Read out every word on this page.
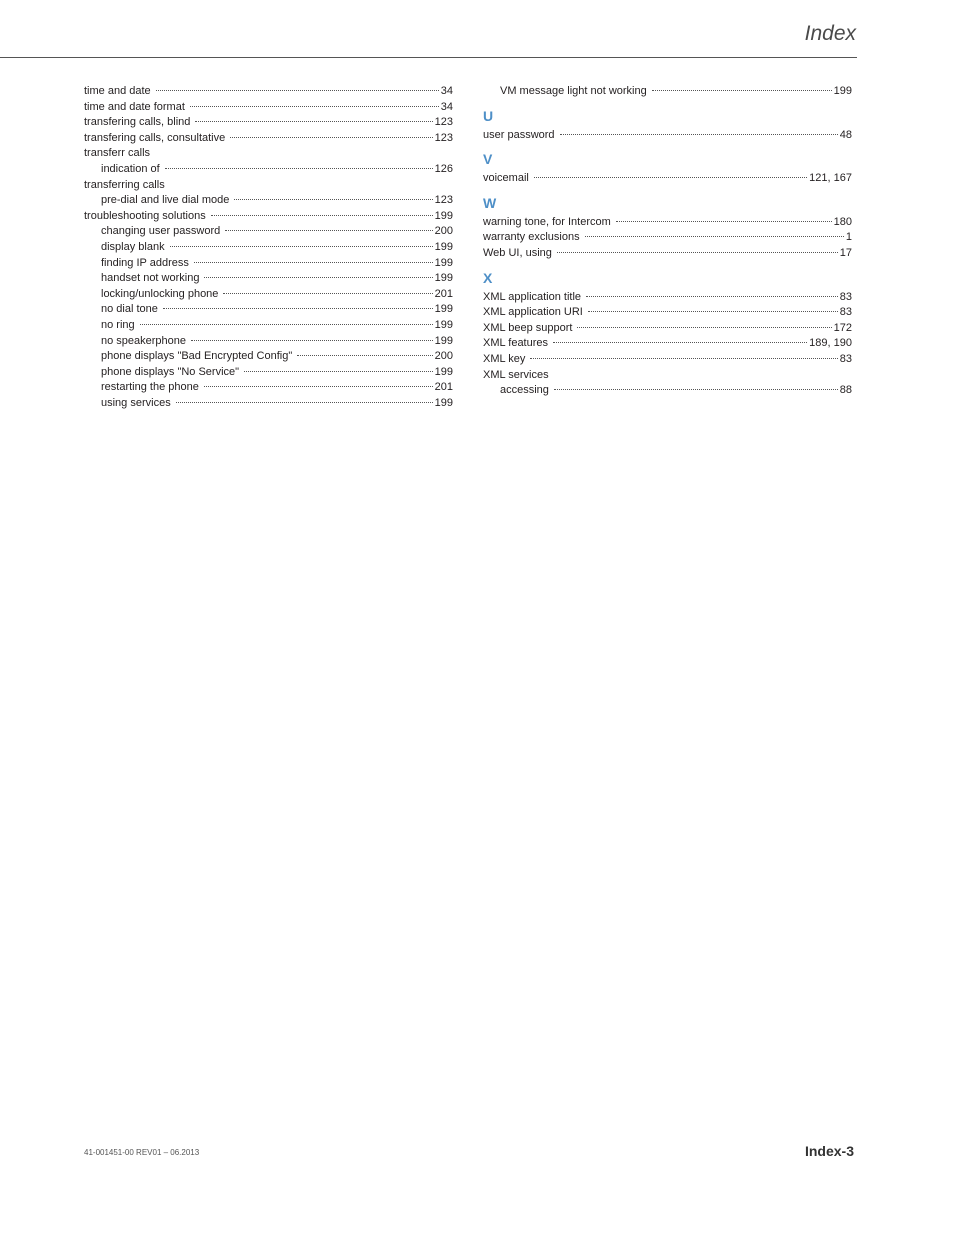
Index
time and date	34
time and date format	34
transfering calls, blind	123
transfering calls, consultative	123
transferr calls
indication of	126
transferring calls
pre-dial and live dial mode	123
troubleshooting solutions	199
changing user password	200
display blank	199
finding IP address	199
handset not working	199
locking/unlocking phone	201
no dial tone	199
no ring	199
no speakerphone	199
phone displays "Bad Encrypted Config"	200
phone displays "No Service"	199
restarting the phone	201
using services	199
VM message light not working	199
U
user password	48
V
voicemail	121, 167
W
warning tone, for Intercom	180
warranty exclusions	1
Web UI, using	17
X
XML application title	83
XML application URI	83
XML beep support	172
XML features	189, 190
XML key	83
XML services
accessing	88
41-001451-00 REV01 – 06.2013	Index-3
